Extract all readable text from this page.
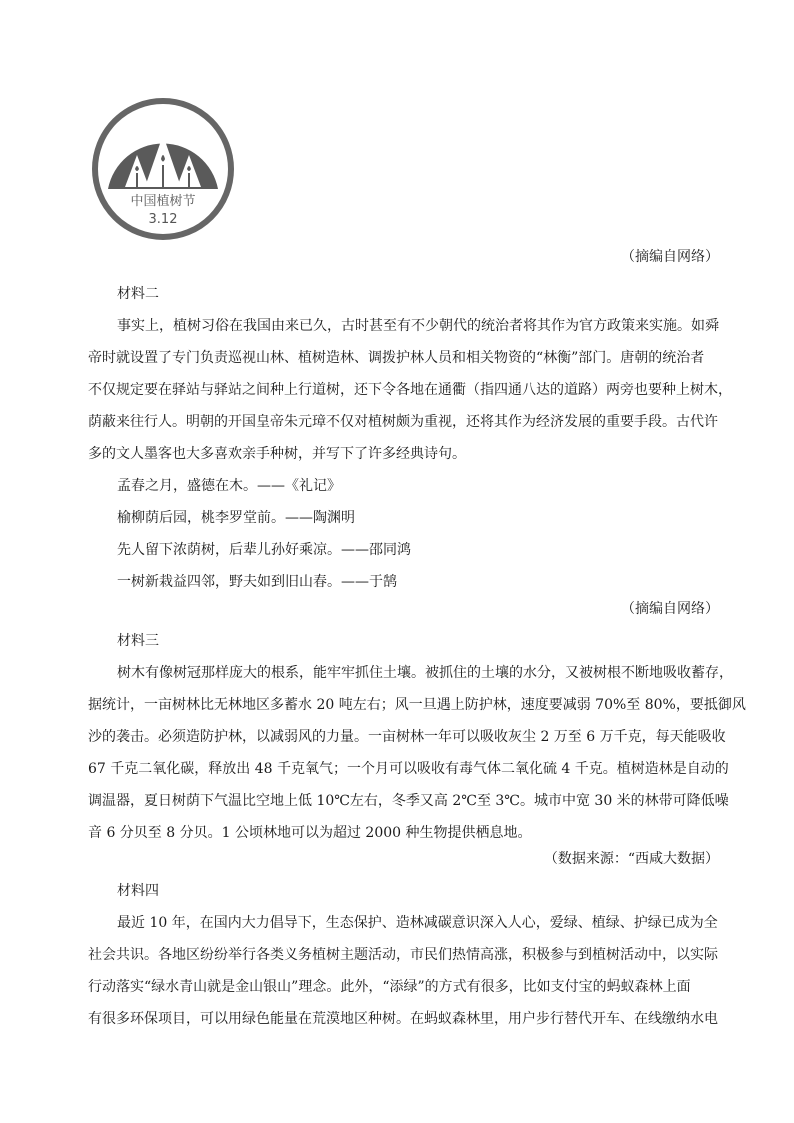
中国植树节
3.12
（摘编自网络）
材料二
事实上，植树习俗在我国由来已久，古时甚至有不少朝代的统治者将其作为官方政策来实施。如舜
帝时就设置了专门负责巡视山林、植树造林、调拨护林人员和相关物资的“林衡”部门。唐朝的统治者
不仅规定要在驿站与驿站之间种上行道树，还下令各地在通衢（指四通八达的道路）两旁也要种上树木，
荫蔽来往行人。明朝的开国皇帝朱元璋不仅对植树颇为重视，还将其作为经济发展的重要手段。古代许
多的文人墨客也大多喜欢亲手种树，并写下了许多经典诗句。
孟春之月，盛德在木。——《礼记》
榆柳荫后园，桃李罗堂前。——陶渊明
先人留下浓荫树，后辈儿孙好乘凉。——邵同鸿
一树新栽益四邻，野夫如到旧山春。——于鹄
（摘编自网络）
材料三
树木有像树冠那样庞大的根系，能牢牢抓住土壤。被抓住的土壤的水分，又被树根不断地吸收蓄存，
据统计，一亩树林比无林地区多蓄水 20 吨左右；风一旦遇上防护林，速度要减弱 70%至 80%，要抵御风
沙的袭击。必须造防护林，以减弱风的力量。一亩树林一年可以吸收灰尘 2 万至 6 万千克，每天能吸收
67 千克二氧化碳，释放出 48 千克氧气；一个月可以吸收有毒气体二氧化硫 4 千克。植树造林是自动的
调温器，夏日树荫下气温比空地上低 10℃左右，冬季又高 2℃至 3℃。城市中宽 30 米的林带可降低噪
音 6 分贝至 8 分贝。1 公顷林地可以为超过 2000 种生物提供栖息地。
（数据来源：“西咸大数据）
材料四
最近 10 年，在国内大力倡导下，生态保护、造林减碳意识深入人心，爱绿、植绿、护绿已成为全
社会共识。各地区纷纷举行各类义务植树主题活动，市民们热情高涨，积极参与到植树活动中，以实际
行动落实“绿水青山就是金山银山”理念。此外，“添绿”的方式有很多，比如支付宝的蚂蚁森林上面
有很多环保项目，可以用绿色能量在荒漠地区种树。在蚂蚁森林里，用户步行替代开车、在线缴纳水电
